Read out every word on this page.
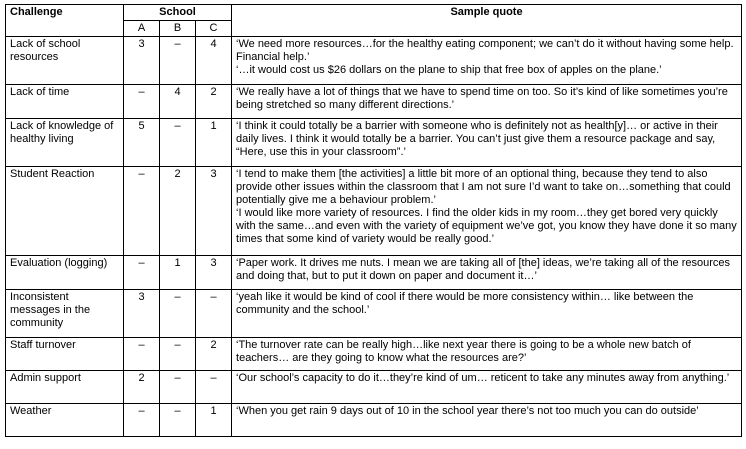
Challenge	School			Sample quote
	A	B	C	
Lack of school resources	3	–	4	‘We need more resources…for the healthy eating component; we can’t do it without having some help. Financial help.’
‘…it would cost us $26 dollars on the plane to ship that free box of apples on the plane.’

Lack of time	–	4	2	‘We really have a lot of things that we have to spend time on too. So it’s kind of like sometimes you’re being stretched so many different directions.’

Lack of knowledge of healthy living	5	–	1	‘I think it could totally be a barrier with someone who is definitely not as health[y]… or active in their daily lives. I think it would totally be a barrier. You can’t just give them a resource package and say, “Here, use this in your classroom”.’

Student Reaction	–	2	3	‘I tend to make them [the activities] a little bit more of an optional thing, because they tend to also provide other issues within the classroom that I am not sure I’d want to take on…something that could potentially give me a behaviour problem.’
‘I would like more variety of resources. I find the older kids in my room…they get bored very quickly with the same…and even with the variety of equipment we’ve got, you know they have done it so many times that some kind of variety would be really good.’

Evaluation (logging)	–	1	3	‘Paper work. It drives me nuts. I mean we are taking all of [the] ideas, we’re taking all of the resources and doing that, but to put it down on paper and document it…’

Inconsistent messages in the community	3	–	–	‘yeah like it would be kind of cool if there would be more consistency within… like between the community and the school.’

Staff turnover	–	–	2	‘The turnover rate can be really high…like next year there is going to be a whole new batch of teachers… are they going to know what the resources are?’

Admin support	2	–	–	‘Our school’s capacity to do it…they’re kind of um… reticent to take any minutes away from anything.’

Weather	–	–	1	‘When you get rain 9 days out of 10 in the school year there’s not too much you can do outside’
